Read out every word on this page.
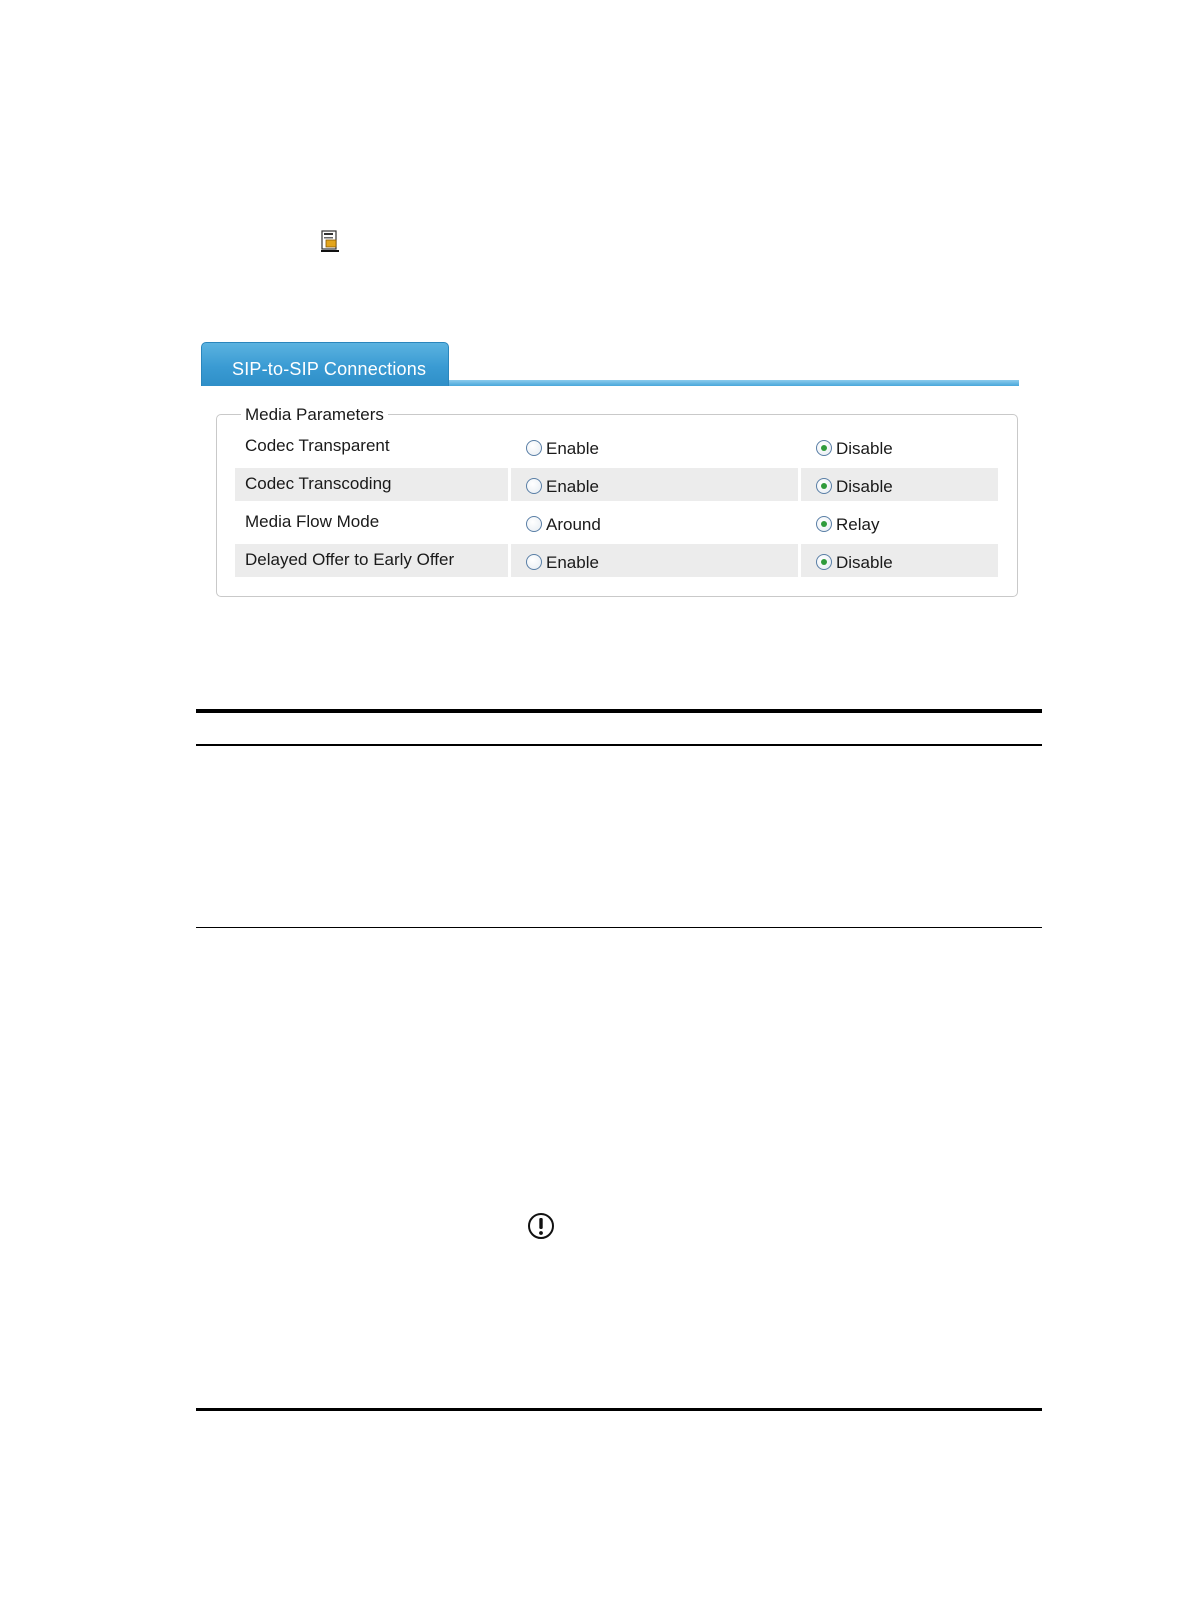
SIP-to-SIP Connections
Media Parameters
Codec Transparent	Enable	Disable
Codec Transcoding	Enable	Disable
Media Flow Mode	Around	Relay
Delayed Offer to Early Offer	Enable	Disable
